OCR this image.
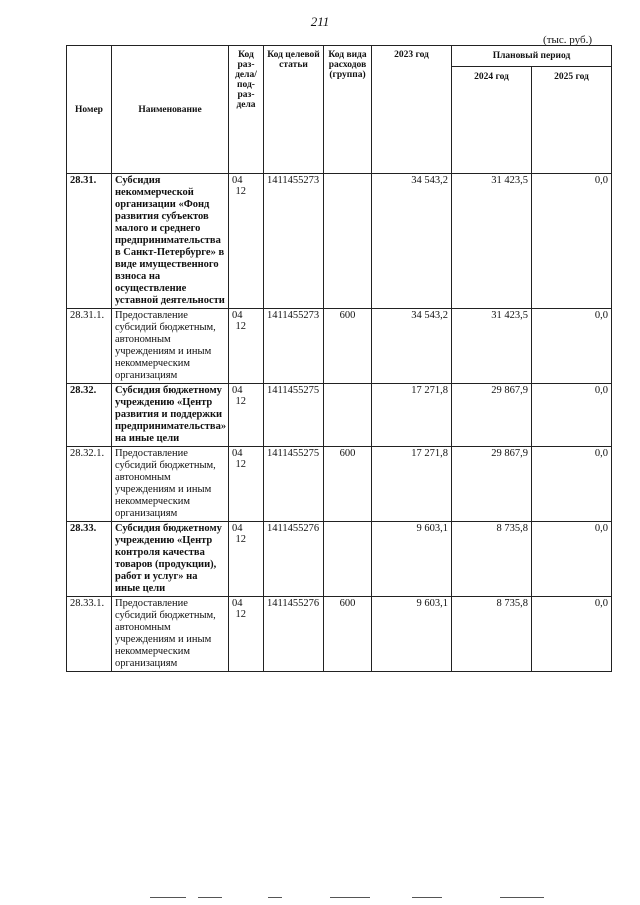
211
(тыс. руб.)
Номер	Наименование	Код раз-дела/ под-раз-дела	Код целевой статьи	Код вида расходов (группа)	2023 год	Плановый период	
						2024 год	2025 год
28.31.	Субсидия некоммерческой организации «Фонд развития субъектов малого и среднего предпринимательства в Санкт-Петербурге» в виде имущественного взноса на осуществление уставной деятельности	0412	1411455273		34 543,2	31 423,5	0,0
28.31.1.	Предоставление субсидий бюджетным, автономным учреждениям и иным некоммерческим организациям	0412	1411455273	600	34 543,2	31 423,5	0,0
28.32.	Субсидия бюджетному учреждению «Центр развития и поддержки предпринимательства» на иные цели	0412	1411455275		17 271,8	29 867,9	0,0
28.32.1.	Предоставление субсидий бюджетным, автономным учреждениям и иным некоммерческим организациям	0412	1411455275	600	17 271,8	29 867,9	0,0
28.33.	Субсидия бюджетному учреждению «Центр контроля качества товаров (продукции), работ и услуг» на иные цели	0412	1411455276		9 603,1	8 735,8	0,0
28.33.1.	Предоставление субсидий бюджетным, автономным учреждениям и иным некоммерческим организациям	0412	1411455276	600	9 603,1	8 735,8	0,0
